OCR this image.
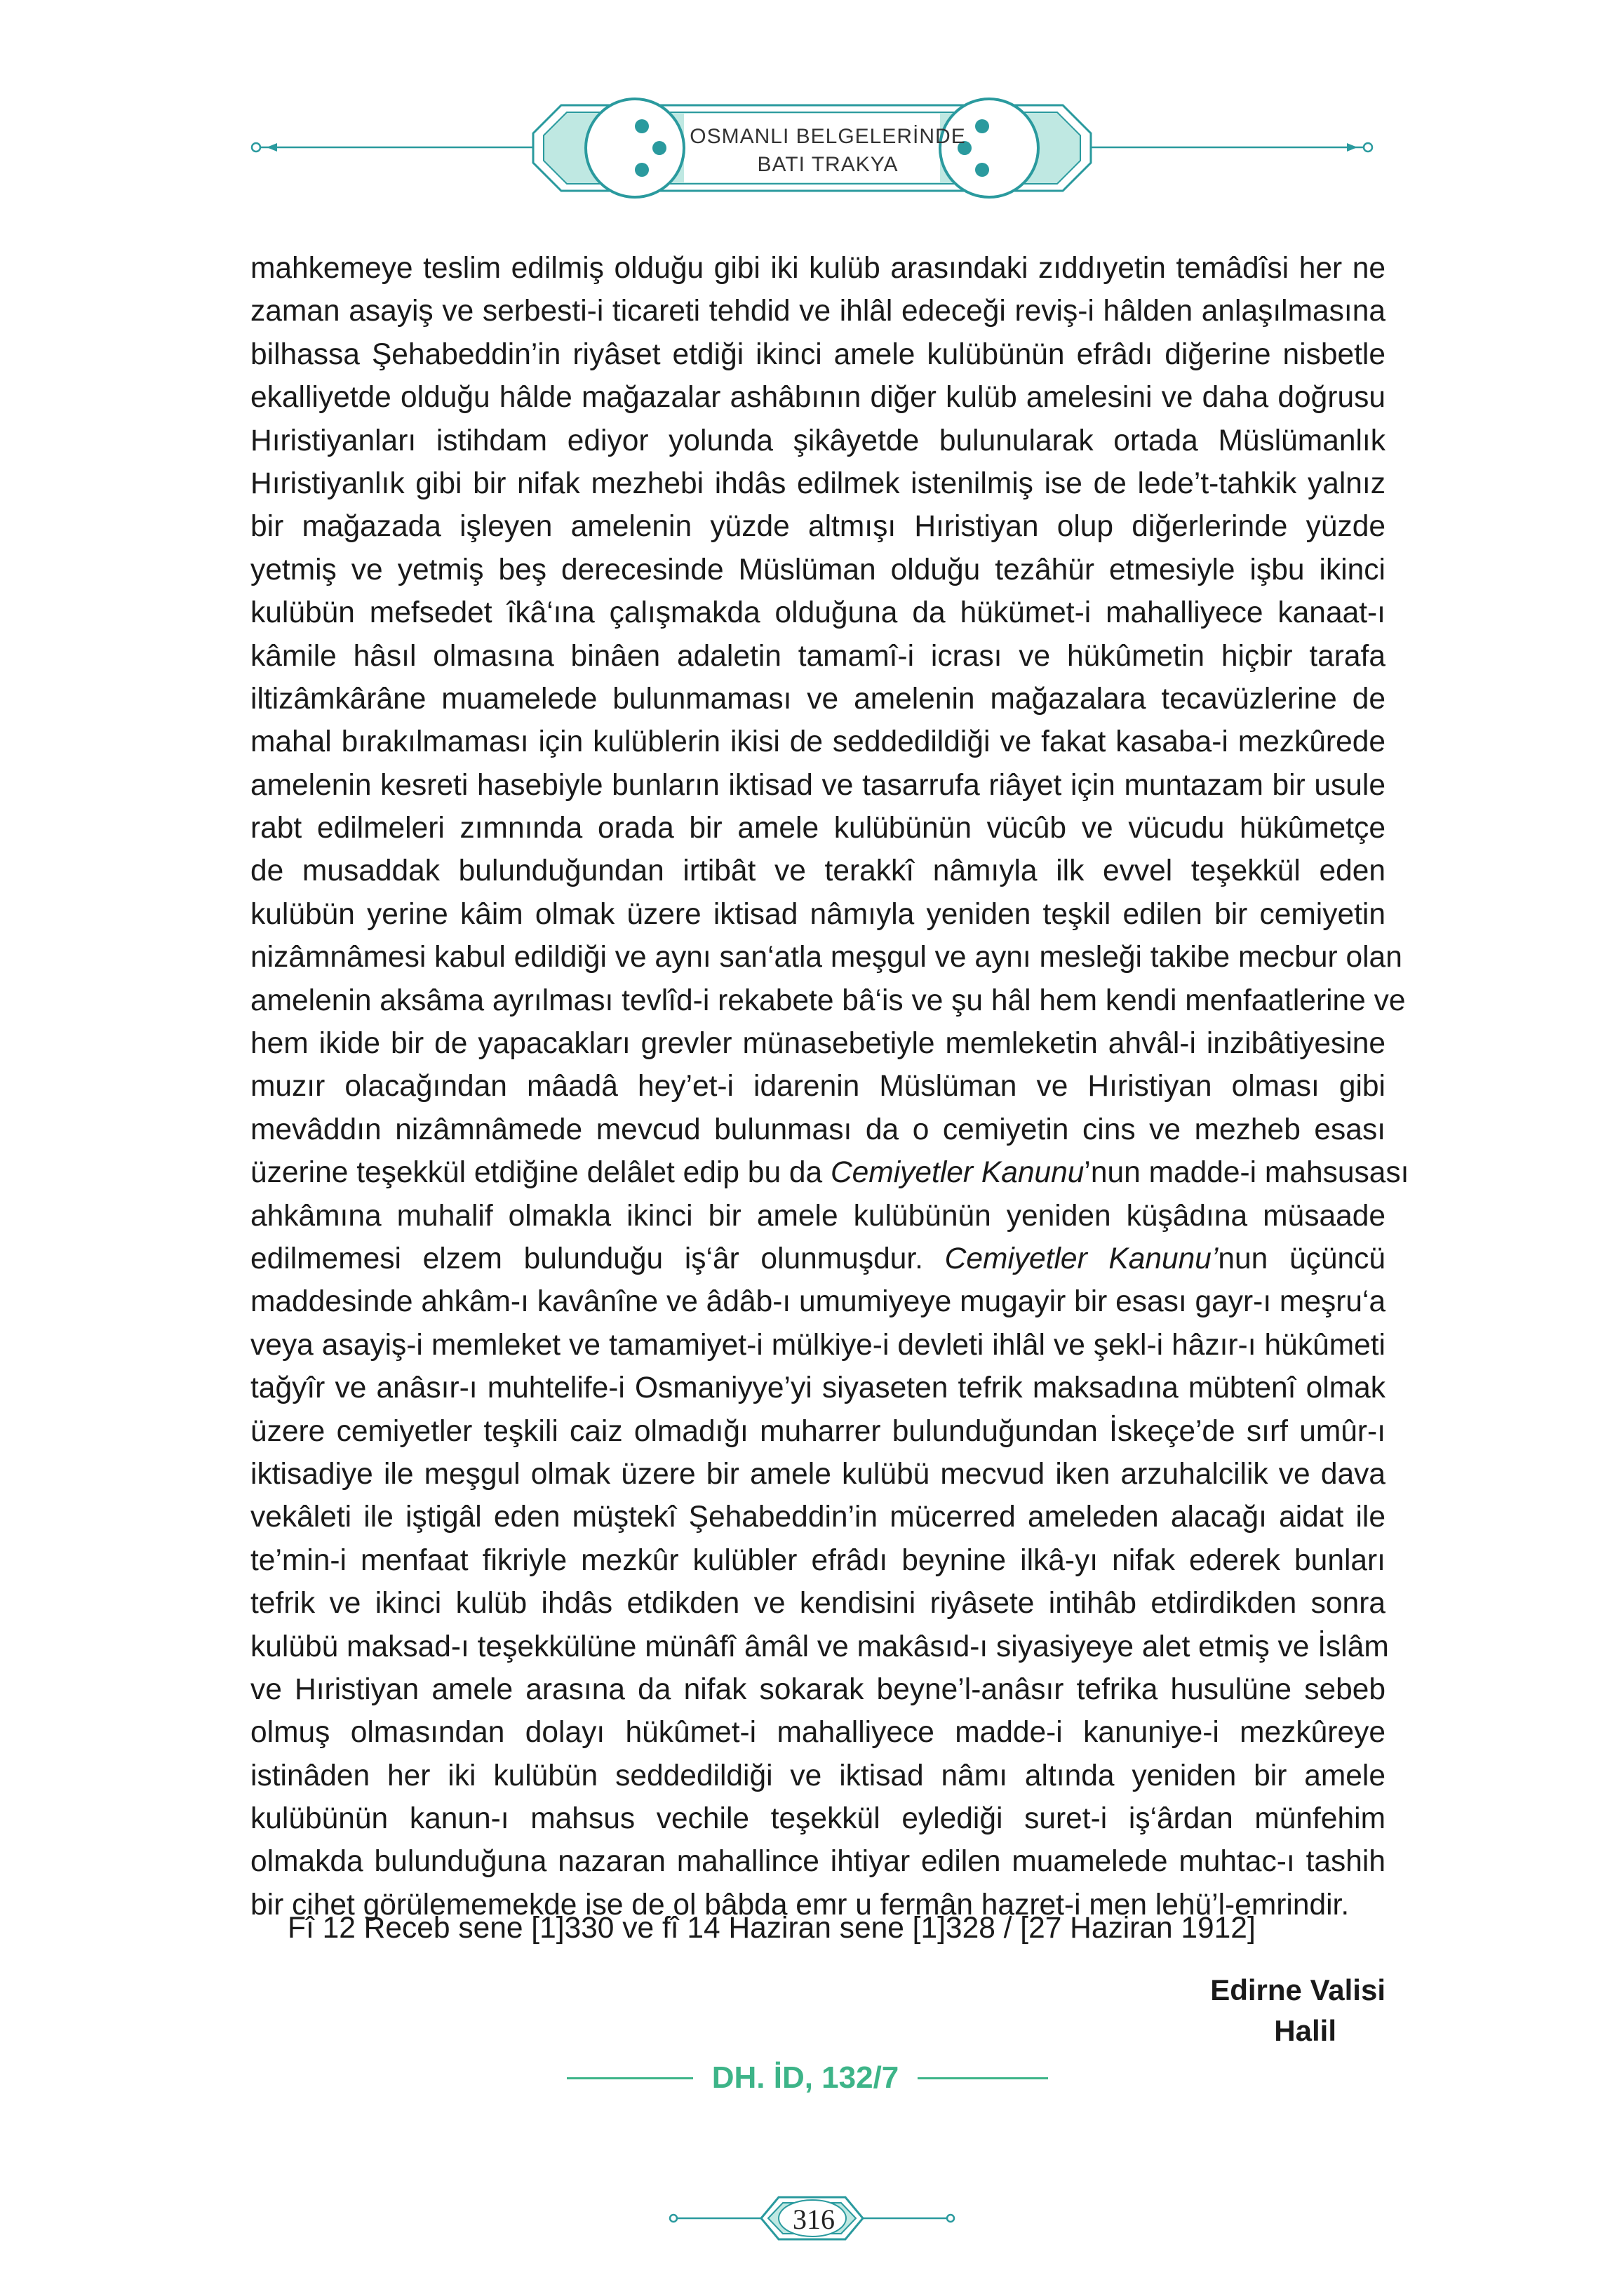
OSMANLI BELGELERİNDE
BATI TRAKYA
mahkemeye teslim edilmiş olduğu gibi iki kulüb arasındaki zıddıyetin temâdîsi her ne
zaman asayiş ve serbesti-i ticareti tehdid ve ihlâl edeceği reviş-i hâlden anlaşılmasına
bilhassa Şehabeddin’in riyâset etdiği ikinci amele kulübünün efrâdı diğerine nisbetle
ekalliyetde olduğu hâlde mağazalar ashâbının diğer kulüb amelesini ve daha doğrusu
Hıristiyanları istihdam ediyor yolunda şikâyetde bulunularak ortada Müslümanlık
Hıristiyanlık gibi bir nifak mezhebi ihdâs edilmek istenilmiş ise de lede’t-tahkik yalnız
bir mağazada işleyen amelenin yüzde altmışı Hıristiyan olup diğerlerinde yüzde
yetmiş ve yetmiş beş derecesinde Müslüman olduğu tezâhür etmesiyle işbu ikinci
kulübün mefsedet îkâ‘ına çalışmakda olduğuna da hükümet-i mahalliyece kanaat-ı
kâmile hâsıl olmasına binâen adaletin tamamî-i icrası ve hükûmetin hiçbir tarafa
iltizâmkârâne muamelede bulunmaması ve amelenin mağazalara tecavüzlerine de
mahal bırakılmaması için kulüblerin ikisi de seddedildiği ve fakat kasaba-i mezkûrede
amelenin kesreti hasebiyle bunların iktisad ve tasarrufa riâyet için muntazam bir usule
rabt edilmeleri zımnında orada bir amele kulübünün vücûb ve vücudu hükûmetçe
de musaddak bulunduğundan irtibât ve terakkî nâmıyla ilk evvel teşekkül eden
kulübün yerine kâim olmak üzere iktisad nâmıyla yeniden teşkil edilen bir cemiyetin
nizâmnâmesi kabul edildiği ve aynı san‘atla meşgul ve aynı mesleği takibe mecbur olan
amelenin aksâma ayrılması tevlîd-i rekabete bâ‘is ve şu hâl hem kendi menfaatlerine ve
hem ikide bir de yapacakları grevler münasebetiyle memleketin ahvâl-i inzibâtiyesine
muzır olacağından mâadâ hey’et-i idarenin Müslüman ve Hıristiyan olması gibi
mevâddın nizâmnâmede mevcud bulunması da o cemiyetin cins ve mezheb esası
üzerine teşekkül etdiğine delâlet edip bu da Cemiyetler Kanunu’nun madde-i mahsusası
ahkâmına muhalif olmakla ikinci bir amele kulübünün yeniden küşâdına müsaade
edilmemesi elzem bulunduğu iş‘âr olunmuşdur. Cemiyetler Kanunu’nun üçüncü
maddesinde ahkâm-ı kavânîne ve âdâb-ı umumiyeye mugayir bir esası gayr-ı meşru‘a
veya asayiş-i memleket ve tamamiyet-i mülkiye-i devleti ihlâl ve şekl-i hâzır-ı hükûmeti
tağyîr ve anâsır-ı muhtelife-i Osmaniyye’yi siyaseten tefrik maksadına mübtenî olmak
üzere cemiyetler teşkili caiz olmadığı muharrer bulunduğundan İskeçe’de sırf umûr-ı
iktisadiye ile meşgul olmak üzere bir amele kulübü mecvud iken arzuhalcilik ve dava
vekâleti ile iştigâl eden müştekî Şehabeddin’in mücerred ameleden alacağı aidat ile
te’min-i menfaat fikriyle mezkûr kulübler efrâdı beynine ilkâ-yı nifak ederek bunları
tefrik ve ikinci kulüb ihdâs etdikden ve kendisini riyâsete intihâb etdirdikden sonra
kulübü maksad-ı teşekkülüne münâfî âmâl ve makâsıd-ı siyasiyeye alet etmiş ve İslâm
ve Hıristiyan amele arasına da nifak sokarak beyne’l-anâsır tefrika husulüne sebeb
olmuş olmasından dolayı hükûmet-i mahalliyece madde-i kanuniye-i mezkûreye
istinâden her iki kulübün seddedildiği ve iktisad nâmı altında yeniden bir amele
kulübünün kanun-ı mahsus vechile teşekkül eylediği suret-i iş‘ârdan münfehim
olmakda bulunduğuna nazaran mahallince ihtiyar edilen muamelede muhtac-ı tashih
bir cihet görülememekde ise de ol bâbda emr u fermân hazret-i men lehü’l-emrindir.
Fî 12 Receb sene [1]330 ve fî 14 Haziran sene [1]328 / [27 Haziran 1912]
Edirne Valisi
Halil
DH. İD, 132/7
316
